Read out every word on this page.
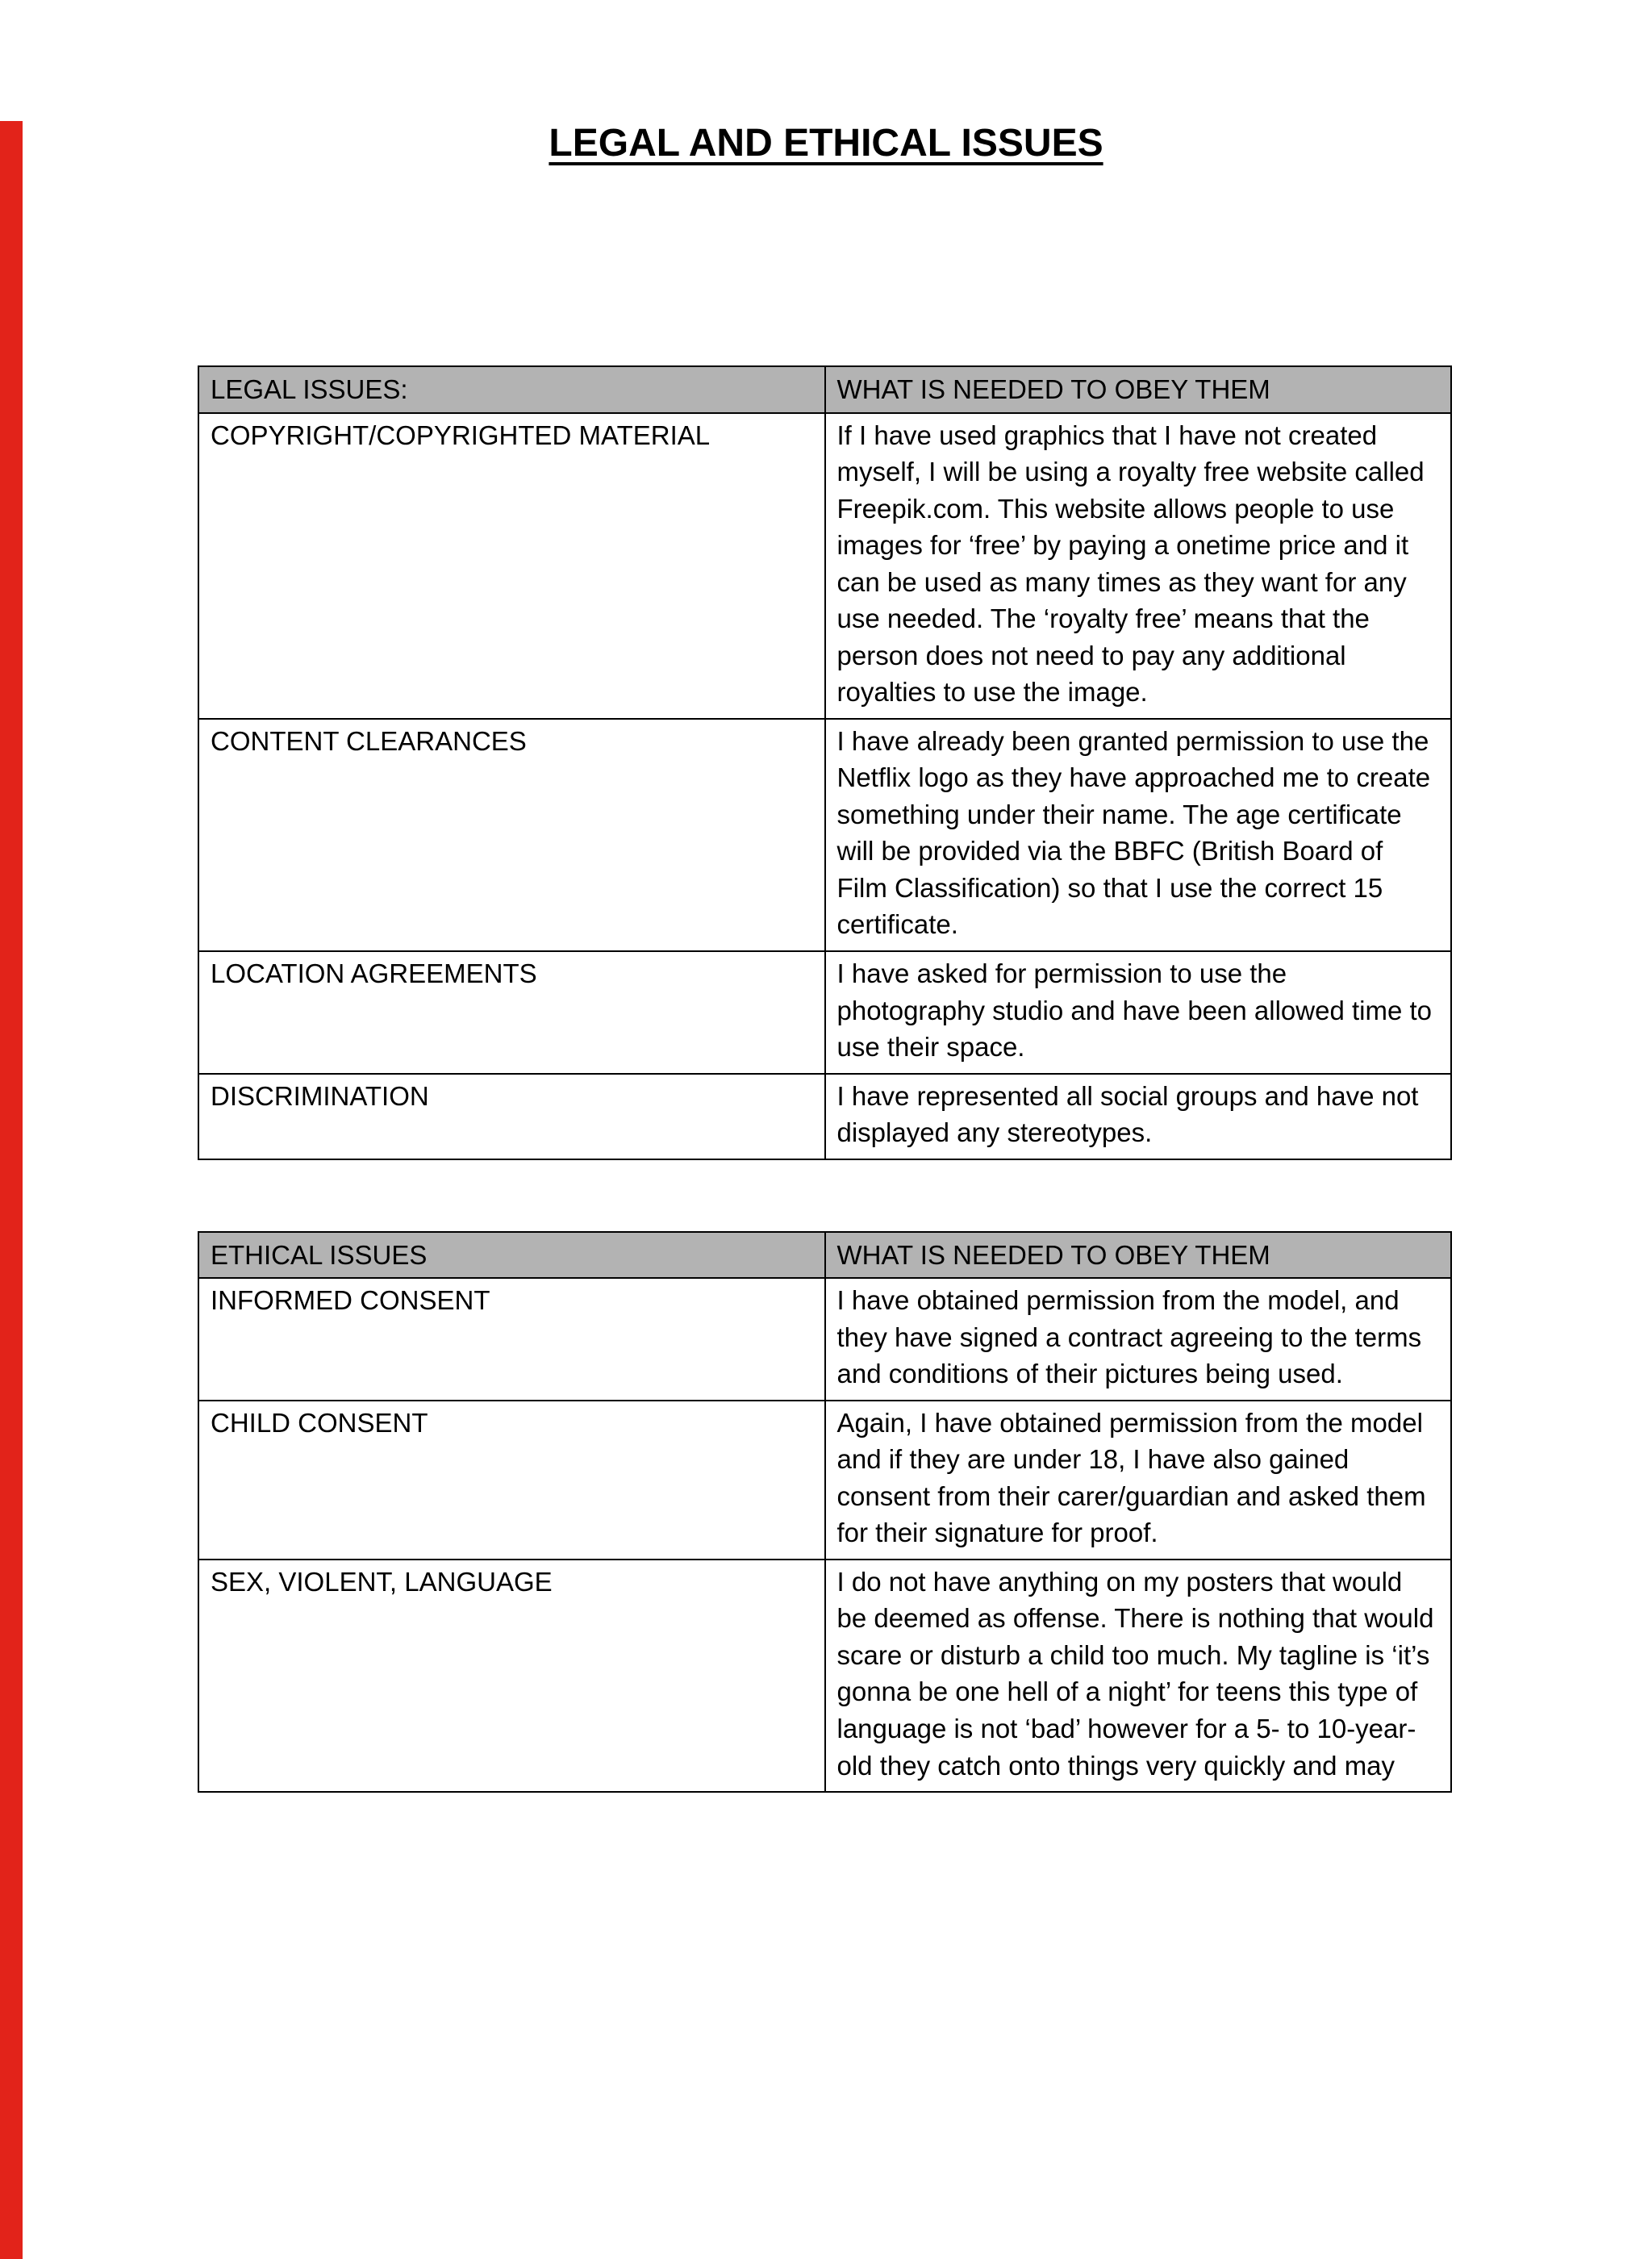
LEGAL AND ETHICAL ISSUES
LEGAL ISSUES:	WHAT IS NEEDED TO OBEY THEM
COPYRIGHT/COPYRIGHTED MATERIAL	If I have used graphics that I have not created myself, I will be using a royalty free website called Freepik.com. This website allows people to use images for ‘free’ by paying a onetime price and it can be used as many times as they want for any use needed. The ‘royalty free’ means that the person does not need to pay any additional royalties to use the image.
CONTENT CLEARANCES	I have already been granted permission to use the Netflix logo as they have approached me to create something under their name. The age certificate will be provided via the BBFC (British Board of Film Classification) so that I use the correct 15 certificate.
LOCATION AGREEMENTS	I have asked for permission to use the photography studio and have been allowed time to use their space.
DISCRIMINATION	I have represented all social groups and have not displayed any stereotypes.
ETHICAL ISSUES	WHAT IS NEEDED TO OBEY THEM
INFORMED CONSENT	I have obtained permission from the model, and they have signed a contract agreeing to the terms and conditions of their pictures being used.
CHILD CONSENT	Again, I have obtained permission from the model and if they are under 18, I have also gained consent from their carer/guardian and asked them for their signature for proof.
SEX, VIOLENT, LANGUAGE	I do not have anything on my posters that would be deemed as offense. There is nothing that would scare or disturb a child too much. My tagline is ‘it’s gonna be one hell of a night’ for teens this type of language is not ‘bad’ however for a 5- to 10-year-old they catch onto things very quickly and may
